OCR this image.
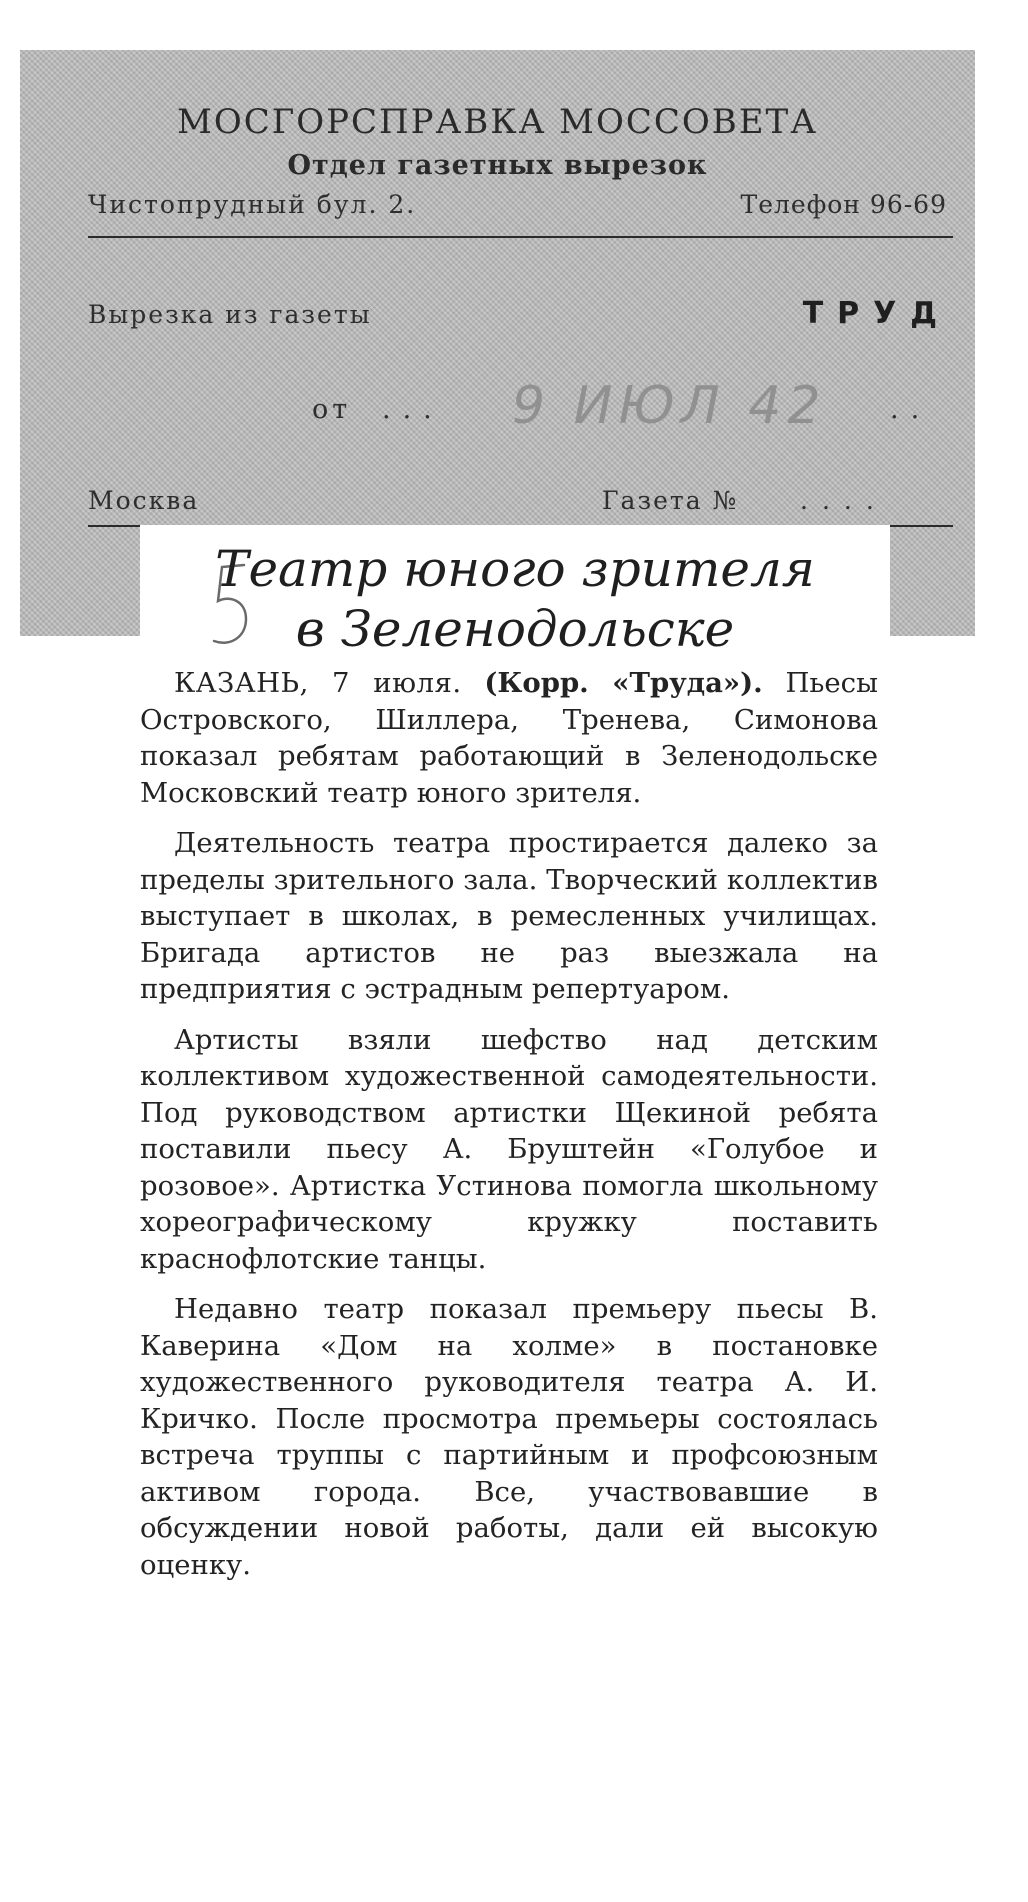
МОСГОРСПРАВКА МОССОВЕТА
Отдел газетных вырезок
Чистопрудный бул. 2.	Телефон 96-69
Вырезка из газеты	ТРУД
от ... 9 ИЮЛ 42 ..
Москва	Газета № ....
Театр юного зрителя
в Зеленодольске

КАЗАНЬ, 7 июля. (Корр. «Труда»). Пьесы Островского, Шиллера, Тренева, Симонова показал ребятам работающий в Зеленодольске Московский театр юного зрителя.

Деятельность театра простирается далеко за пределы зрительного зала. Творческий коллектив выступает в школах, в ремесленных училищах. Бригада артистов не раз выезжала на предприятия с эстрадным репертуаром.

Артисты взяли шефство над детским коллективом художественной самодеятельности. Под руководством артистки Щекиной ребята поставили пьесу А. Бруштейн «Голубое и розовое». Артистка Устинова помогла школьному хореографическому кружку поставить краснофлотские танцы.

Недавно театр показал премьеру пьесы В. Каверина «Дом на холме» в постановке художественного руководителя театра А. И. Кричко. После просмотра премьеры состоялась встреча труппы с партийным и профсоюзным активом города. Все, участвовавшие в обсуждении новой работы, дали ей высокую оценку.
